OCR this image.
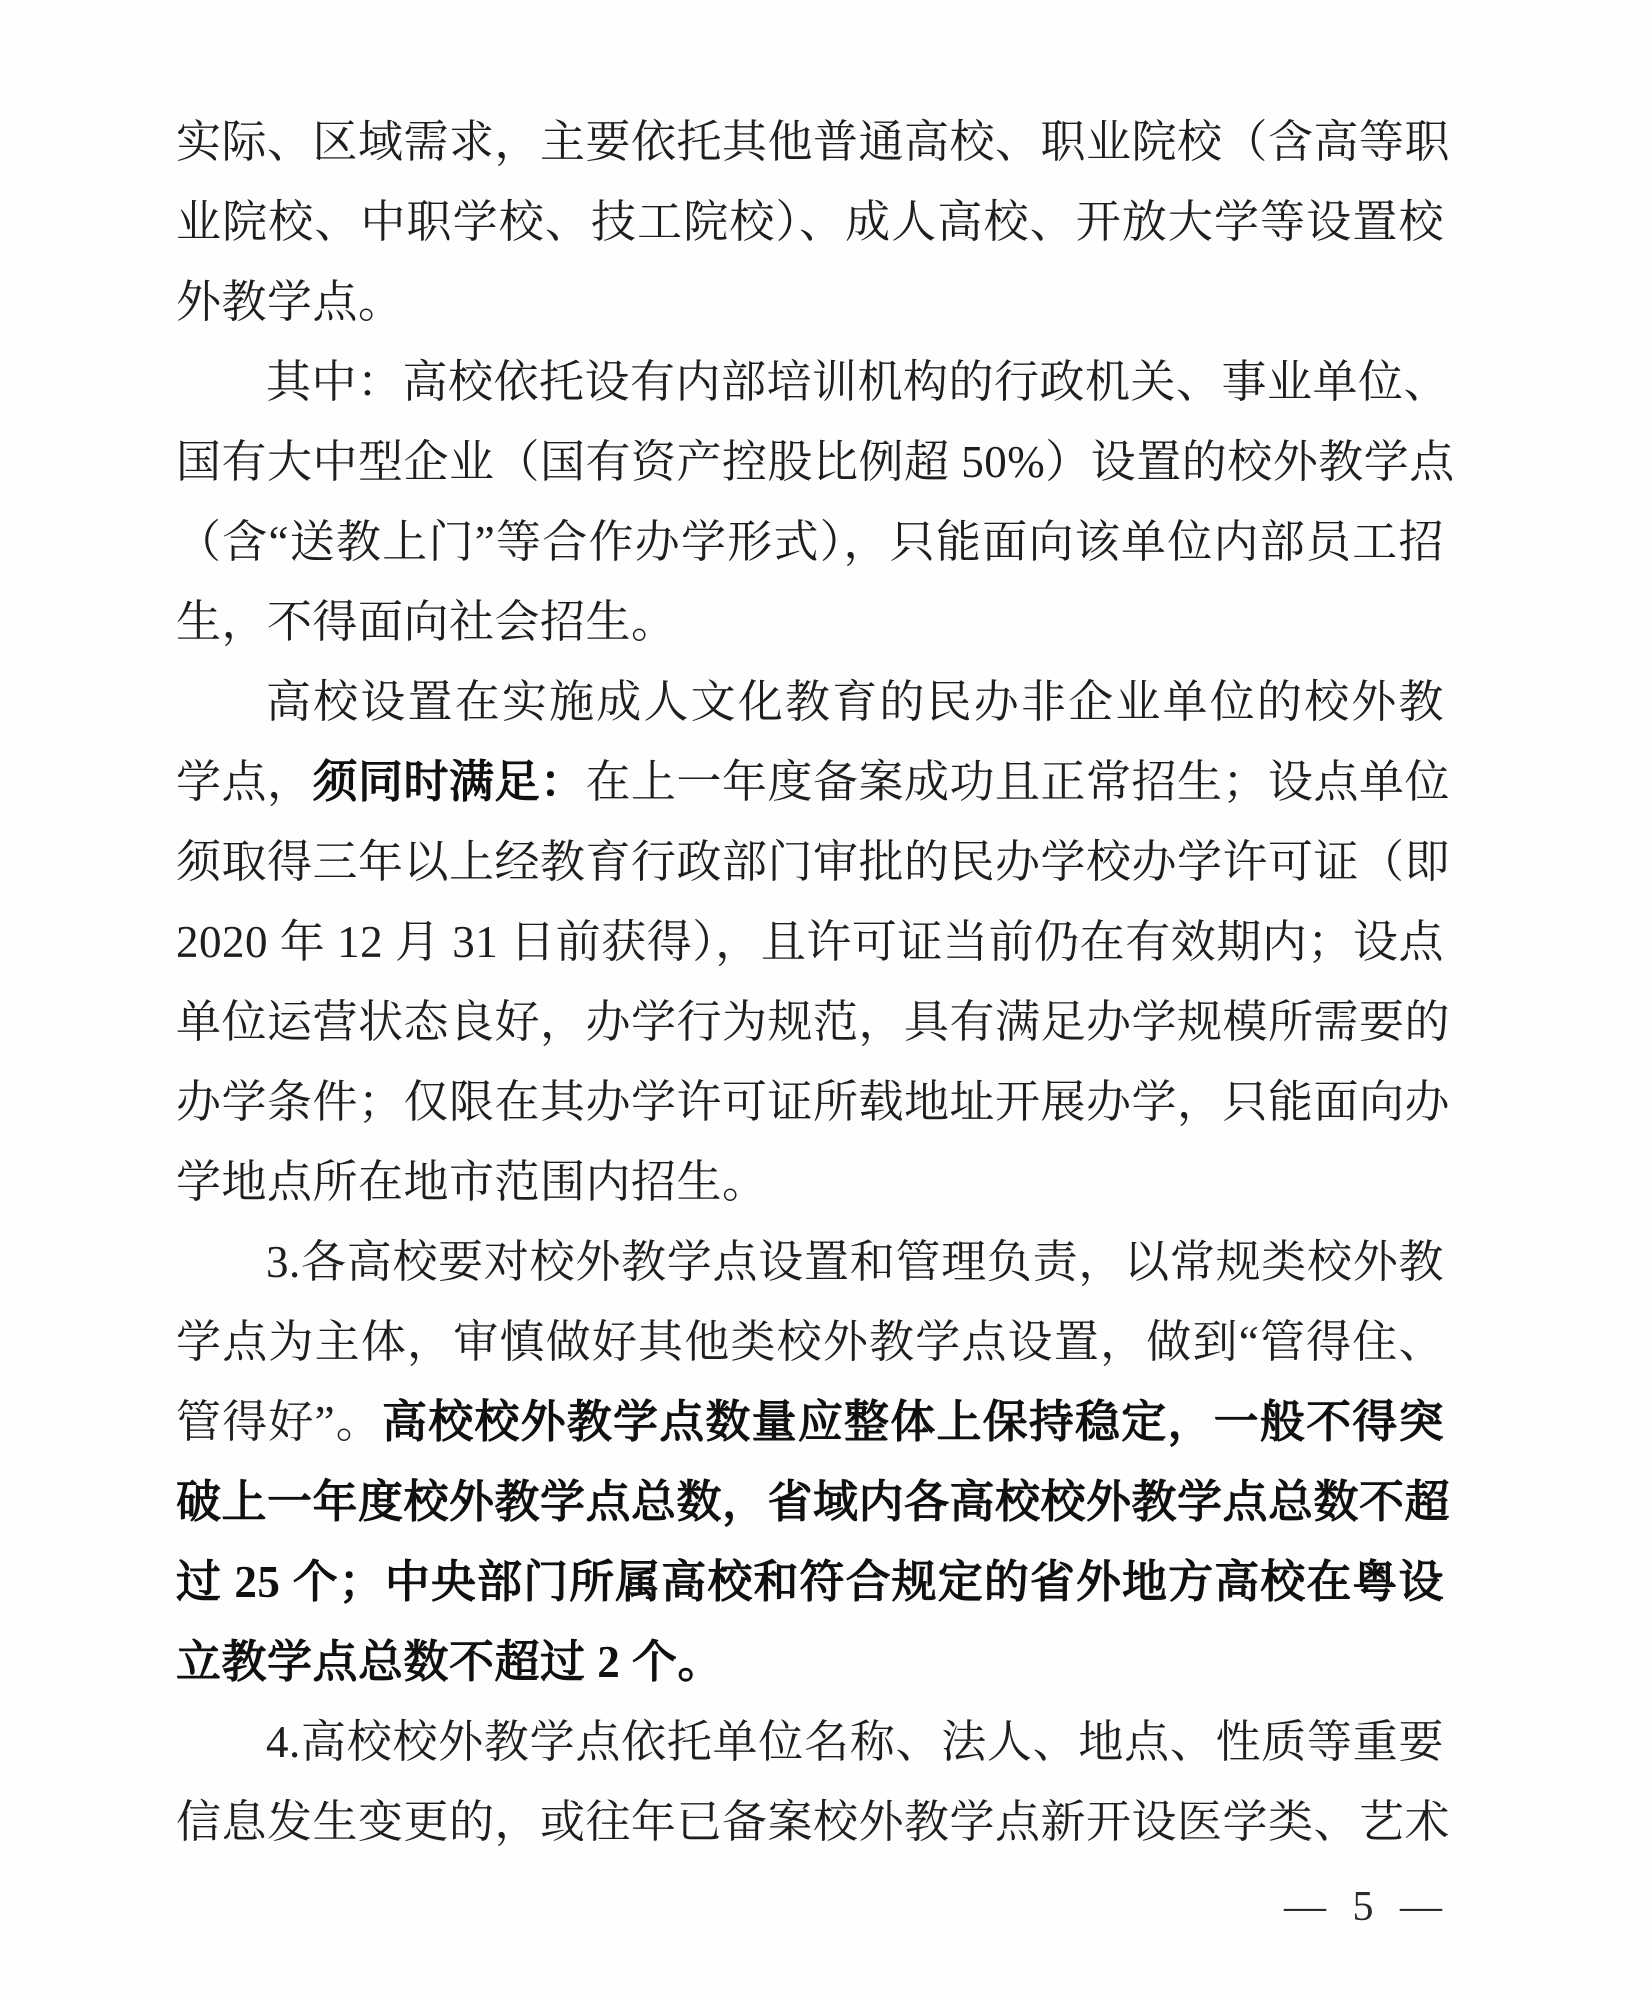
实际、区域需求，主要依托其他普通高校、职业院校（含高等职
业院校、中职学校、技工院校）、成人高校、开放大学等设置校
外教学点。
其中：高校依托设有内部培训机构的行政机关、事业单位、
国有大中型企业（国有资产控股比例超 50%）设置的校外教学点
（含“送教上门”等合作办学形式），只能面向该单位内部员工招
生，不得面向社会招生。
高校设置在实施成人文化教育的民办非企业单位的校外教
学点，须同时满足：在上一年度备案成功且正常招生；设点单位
须取得三年以上经教育行政部门审批的民办学校办学许可证（即
2020 年 12 月 31 日前获得），且许可证当前仍在有效期内；设点
单位运营状态良好，办学行为规范，具有满足办学规模所需要的
办学条件；仅限在其办学许可证所载地址开展办学，只能面向办
学地点所在地市范围内招生。
3.各高校要对校外教学点设置和管理负责，以常规类校外教
学点为主体，审慎做好其他类校外教学点设置，做到“管得住、
管得好”。高校校外教学点数量应整体上保持稳定，一般不得突
破上一年度校外教学点总数，省域内各高校校外教学点总数不超
过 25 个；中央部门所属高校和符合规定的省外地方高校在粤设
立教学点总数不超过 2 个。
4.高校校外教学点依托单位名称、法人、地点、性质等重要
信息发生变更的，或往年已备案校外教学点新开设医学类、艺术
— 5 —
